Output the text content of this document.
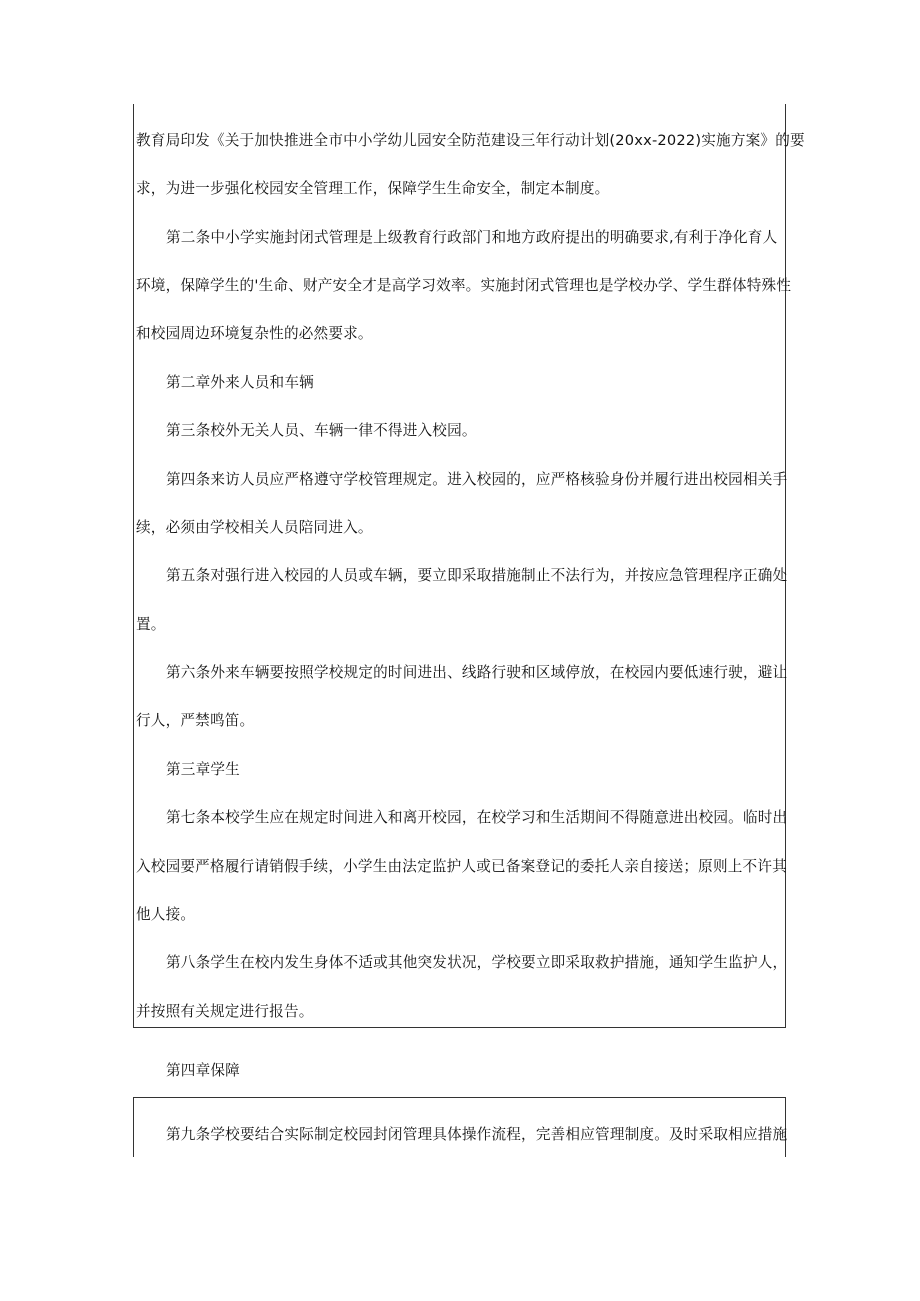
教育局印发《关于加快推进全市中小学幼儿园安全防范建设三年行动计划(20xx-2022)实施方案》的要
求，为进一步强化校园安全管理工作，保障学生生命安全，制定本制度。
第二条中小学实施封闭式管理是上级教育行政部门和地方政府提出的明确要求,有利于净化育人
环境，保障学生的'生命、财产安全才是高学习效率。实施封闭式管理也是学校办学、学生群体特殊性
和校园周边环境复杂性的必然要求。
第二章外来人员和车辆
第三条校外无关人员、车辆一律不得进入校园。
第四条来访人员应严格遵守学校管理规定。进入校园的，应严格核验身份并履行进出校园相关手
续，必须由学校相关人员陪同进入。
第五条对强行进入校园的人员或车辆，要立即采取措施制止不法行为，并按应急管理程序正确处
置。
第六条外来车辆要按照学校规定的时间进出、线路行驶和区域停放，在校园内要低速行驶，避让
行人，严禁鸣笛。
第三章学生
第七条本校学生应在规定时间进入和离开校园，在校学习和生活期间不得随意进出校园。临时出
入校园要严格履行请销假手续，小学生由法定监护人或已备案登记的委托人亲自接送；原则上不许其
他人接。
第八条学生在校内发生身体不适或其他突发状况，学校要立即采取救护措施，通知学生监护人，
并按照有关规定进行报告。
第四章保障
第九条学校要结合实际制定校园封闭管理具体操作流程，完善相应管理制度。及时采取相应措施
